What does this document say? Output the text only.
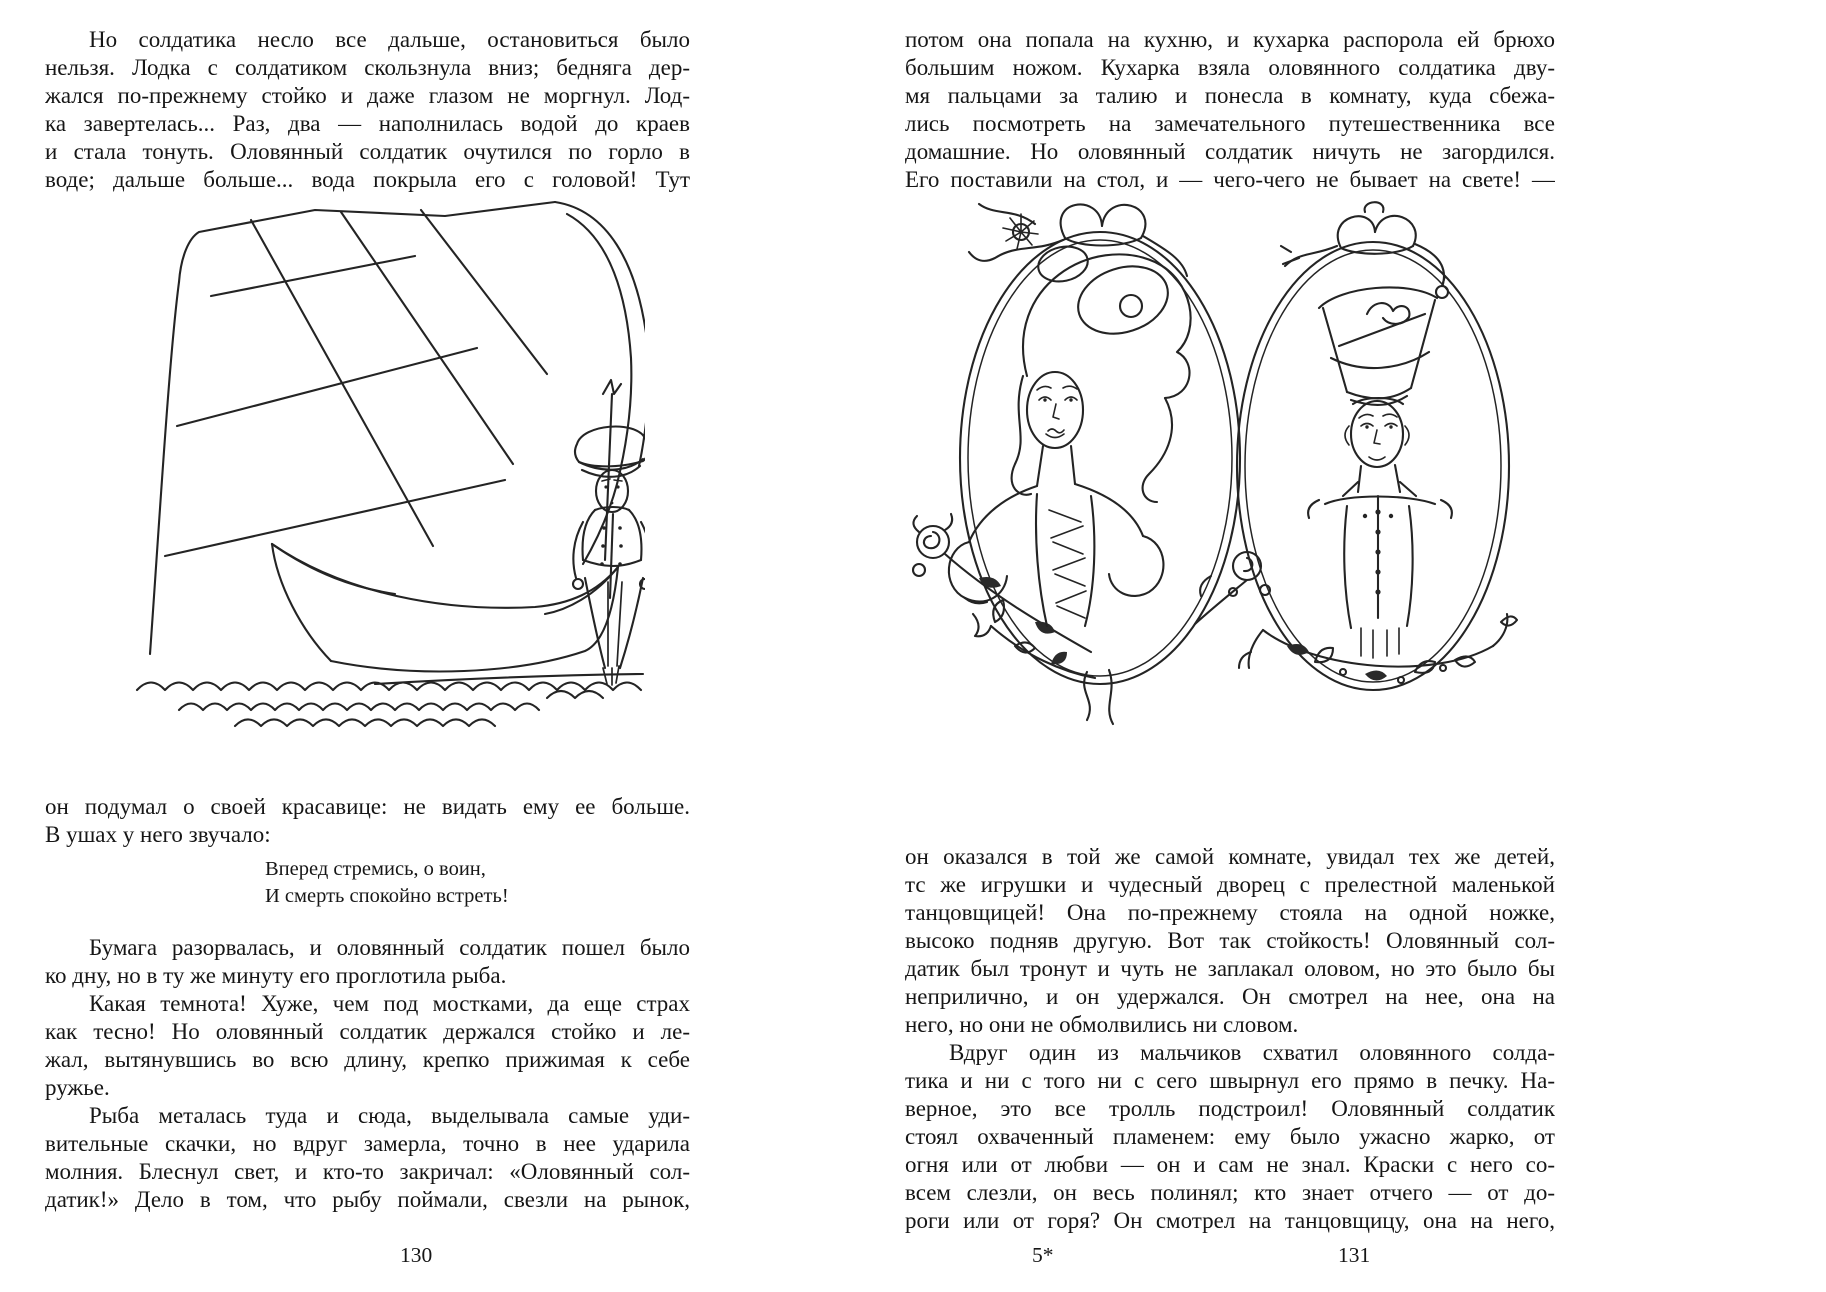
Но солдатика несло все дальше, остановиться было
нельзя. Лодка с солдатиком скользнула вниз; бедняга дер-
жался по-прежнему стойко и даже глазом не моргнул. Лод-
ка завертелась... Раз, два — наполнилась водой до краев
и стала тонуть. Оловянный солдатик очутился по горло в
воде; дальше больше... вода покрыла его с головой! Тут
он подумал о своей красавице: не видать ему ее больше.
В ушах у него звучало:
Вперед стремись, о воин,
И смерть спокойно встреть!
Бумага разорвалась, и оловянный солдатик пошел было
ко дну, но в ту же минуту его проглотила рыба.
Какая темнота! Хуже, чем под мостками, да еще страх
как тесно! Но оловянный солдатик держался стойко и ле-
жал, вытянувшись во всю длину, крепко прижимая к себе
ружье.
Рыба металась туда и сюда, выделывала самые уди-
вительные скачки, но вдруг замерла, точно в нее ударила
молния. Блеснул свет, и кто-то закричал: «Оловянный сол-
датик!» Дело в том, что рыбу поймали, свезли на рынок,
130
потом она попала на кухню, и кухарка распорола ей брюхо
большим ножом. Кухарка взяла оловянного солдатика дву-
мя пальцами за талию и понесла в комнату, куда сбежа-
лись посмотреть на замечательного путешественника все
домашние. Но оловянный солдатик ничуть не загордился.
Его поставили на стол, и — чего-чего не бывает на свете! —
он оказался в той же самой комнате, увидал тех же детей,
тс же игрушки и чудесный дворец с прелестной маленькой
танцовщицей! Она по-прежнему стояла на одной ножке,
высоко подняв другую. Вот так стойкость! Оловянный сол-
датик был тронут и чуть не заплакал оловом, но это было бы
неприлично, и он удержался. Он смотрел на нее, она на
него, но они не обмолвились ни словом.
Вдруг один из мальчиков схватил оловянного солда-
тика и ни с того ни с сего швырнул его прямо в печку. На-
верное, это все тролль подстроил! Оловянный солдатик
стоял охваченный пламенем: ему было ужасно жарко, от
огня или от любви — он и сам не знал. Краски с него со-
всем слезли, он весь полинял; кто знает отчего — от до-
роги или от горя? Он смотрел на танцовщицу, она на него,
5*	131
